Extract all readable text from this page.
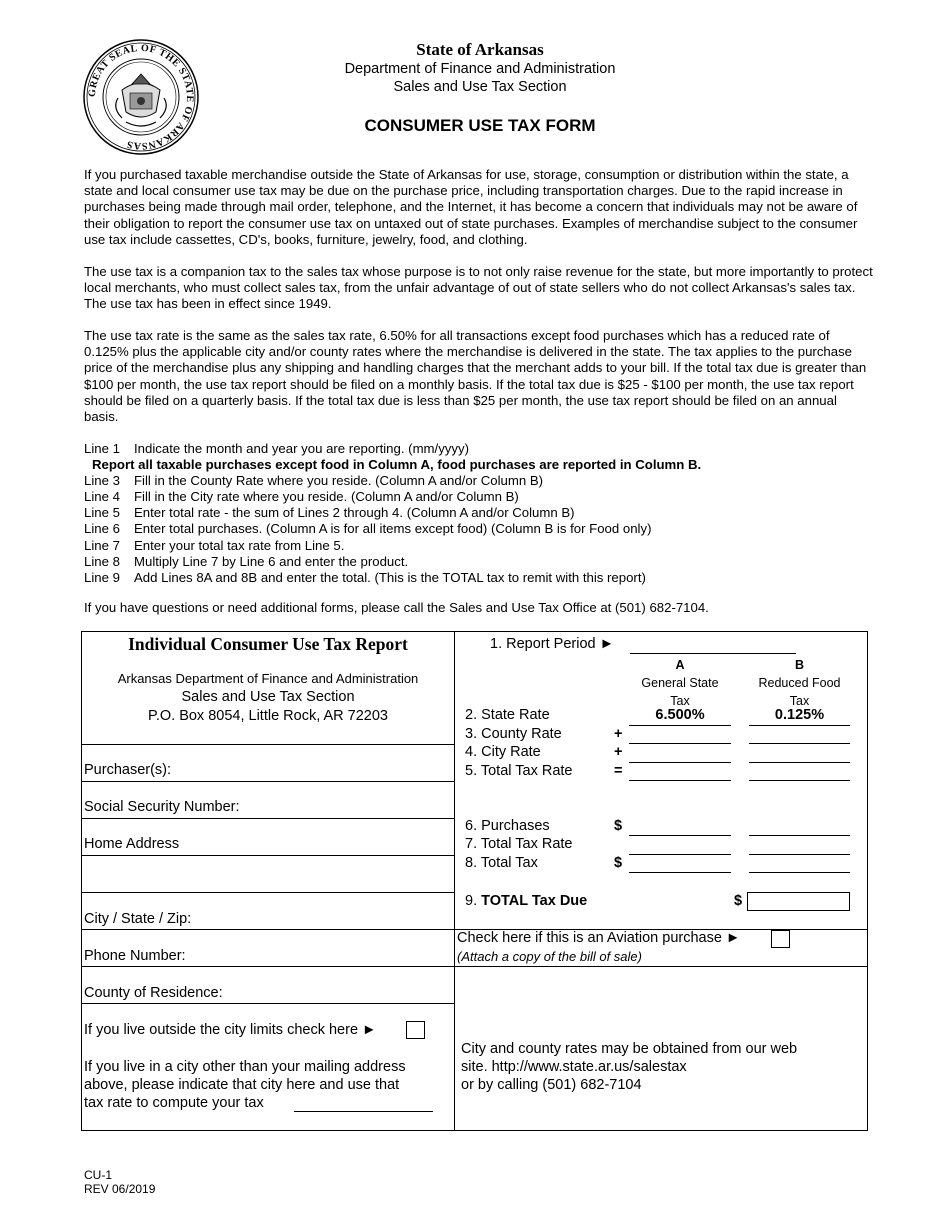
GREAT SEAL OF THE STATE OF ARKANSAS
State of Arkansas
Department of Finance and Administration
Sales and Use Tax Section
CONSUMER USE TAX FORM

If you purchased taxable merchandise outside the State of Arkansas for use, storage, consumption or distribution within the state, a state and local consumer use tax may be due on the purchase price, including transportation charges. Due to the rapid increase in purchases being made through mail order, telephone, and the Internet, it has become a concern that individuals may not be aware of their obligation to report the consumer use tax on untaxed out of state purchases. Examples of merchandise subject to the consumer use tax include cassettes, CD's, books, furniture, jewelry, food, and clothing.

The use tax is a companion tax to the sales tax whose purpose is to not only raise revenue for the state, but more importantly to protect local merchants, who must collect sales tax, from the unfair advantage of out of state sellers who do not collect Arkansas's sales tax. The use tax has been in effect since 1949.

The use tax rate is the same as the sales tax rate, 6.50% for all transactions except food purchases which has a reduced rate of 0.125% plus the applicable city and/or county rates where the merchandise is delivered in the state. The tax applies to the purchase price of the merchandise plus any shipping and handling charges that the merchant adds to your bill. If the total tax due is greater than $100 per month, the use tax report should be filed on a monthly basis. If the total tax due is $25 - $100 per month, the use tax report should be filed on a quarterly basis. If the total tax due is less than $25 per month, the use tax report should be filed on an annual basis.

Line 1 Indicate the month and year you are reporting. (mm/yyyy)
Report all taxable purchases except food in Column A, food purchases are reported in Column B.
Line 3 Fill in the County Rate where you reside. (Column A and/or Column B)
Line 4 Fill in the City rate where you reside. (Column A and/or Column B)
Line 5 Enter total rate - the sum of Lines 2 through 4. (Column A and/or Column B)
Line 6 Enter total purchases. (Column A is for all items except food) (Column B is for Food only)
Line 7 Enter your total tax rate from Line 5.
Line 8 Multiply Line 7 by Line 6 and enter the product.
Line 9 Add Lines 8A and 8B and enter the total. (This is the TOTAL tax to remit with this report)
If you have questions or need additional forms, please call the Sales and Use Tax Office at (501) 682-7104.
Individual Consumer Use Tax Report
Arkansas Department of Finance and Administration
Sales and Use Tax Section
P.O. Box 8054, Little Rock, AR 72203
Purchaser(s):
Social Security Number:
Home Address
City / State / Zip:
Phone Number:
County of Residence:
If you live outside the city limits check here ►
If you live in a city other than your mailing address
above, please indicate that city here and use that
tax rate to compute your tax
1. Report Period ►
A
General State
Tax
B
Reduced Food
Tax
2. State Rate	6.500%	0.125%
3. County Rate	+
4. City Rate	+
5. Total Tax Rate	=
6. Purchases	$
7. Total Tax Rate
8. Total Tax	$
9. TOTAL Tax Due	$
Check here if this is an Aviation purchase ►
(Attach a copy of the bill of sale)
City and county rates may be obtained from our web
site. http://www.state.ar.us/salestax
or by calling (501) 682-7104
CU-1
REV 06/2019
